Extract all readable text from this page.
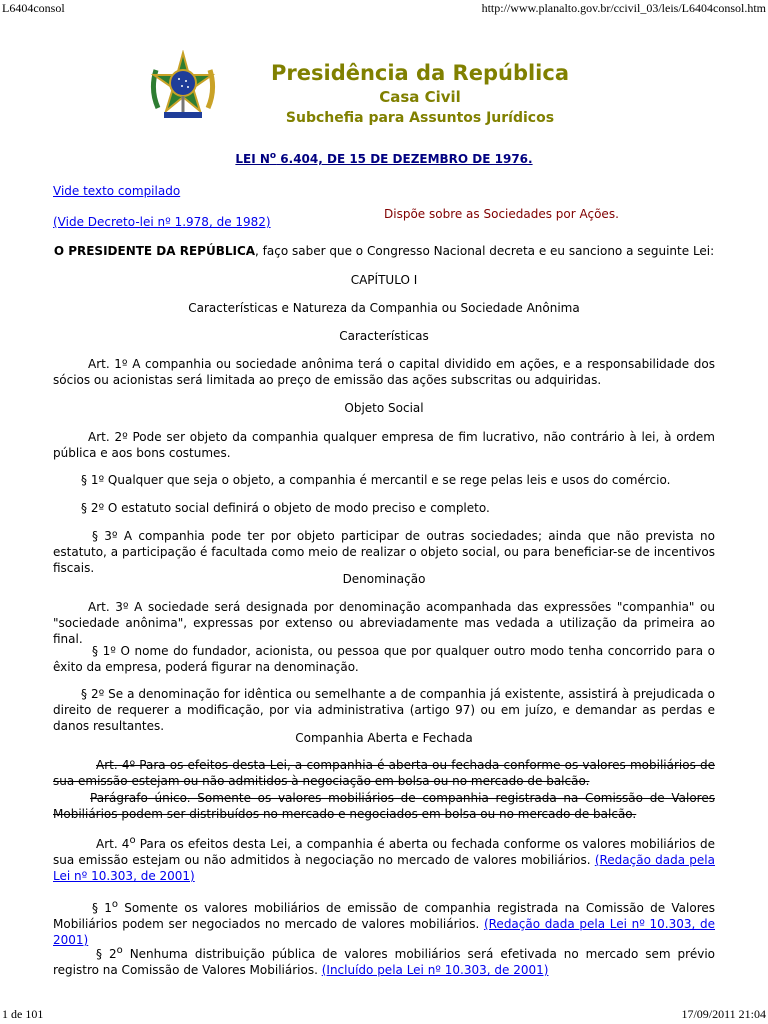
L6404consol	http://www.planalto.gov.br/ccivil_03/leis/L6404consol.htm
Presidência da República
Casa Civil
Subchefia para Assuntos Jurídicos
LEI $N^o$ 6.404, DE 15 DE DEZEMBRO DE 1976.
Vide texto compilado
(Vide Decreto-lei nº 1.978, de 1982)
Dispõe sobre as Sociedades por Ações.
O PRESIDENTE DA REPÚBLICA, faço saber que o Congresso Nacional decreta e eu sanciono a seguinte Lei:
CAPÍTULO I
Características e Natureza da Companhia ou Sociedade Anônima
Características
Art. 1º A companhia ou sociedade anônima terá o capital dividido em ações, e a responsabilidade dos sócios ou acionistas será limitada ao preço de emissão das ações subscritas ou adquiridas.
Objeto Social
Art. 2º Pode ser objeto da companhia qualquer empresa de fim lucrativo, não contrário à lei, à ordem pública e aos bons costumes.
§ 1º Qualquer que seja o objeto, a companhia é mercantil e se rege pelas leis e usos do comércio.
§ 2º O estatuto social definirá o objeto de modo preciso e completo.
§ 3º A companhia pode ter por objeto participar de outras sociedades; ainda que não prevista no estatuto, a participação é facultada como meio de realizar o objeto social, ou para beneficiar-se de incentivos fiscais.
Denominação
Art. 3º A sociedade será designada por denominação acompanhada das expressões "companhia" ou "sociedade anônima", expressas por extenso ou abreviadamente mas vedada a utilização da primeira ao final.
§ 1º O nome do fundador, acionista, ou pessoa que por qualquer outro modo tenha concorrido para o êxito da empresa, poderá figurar na denominação.
§ 2º Se a denominação for idêntica ou semelhante a de companhia já existente, assistirá à prejudicada o direito de requerer a modificação, por via administrativa (artigo 97) ou em juízo, e demandar as perdas e danos resultantes.
Companhia Aberta e Fechada
Art. 4º Para os efeitos desta Lei, a companhia é aberta ou fechada conforme os valores mobiliários de sua emissão estejam ou não admitidos à negociação em bolsa ou no mercado de balcão.
Parágrafo único. Somente os valores mobiliários de companhia registrada na Comissão de Valores Mobiliários podem ser distribuídos no mercado e negociados em bolsa ou no mercado de balcão.
Art. 4$^o$ Para os efeitos desta Lei, a companhia é aberta ou fechada conforme os valores mobiliários de sua emissão estejam ou não admitidos à negociação no mercado de valores mobiliários. (Redação dada pela Lei nº 10.303, de 2001)
§ 1$^o$ Somente os valores mobiliários de emissão de companhia registrada na Comissão de Valores Mobiliários podem ser negociados no mercado de valores mobiliários. (Redação dada pela Lei nº 10.303, de 2001)
§ 2$^o$ Nenhuma distribuição pública de valores mobiliários será efetivada no mercado sem prévio registro na Comissão de Valores Mobiliários. (Incluído pela Lei nº 10.303, de 2001)
1 de 101	17/09/2011 21:04
